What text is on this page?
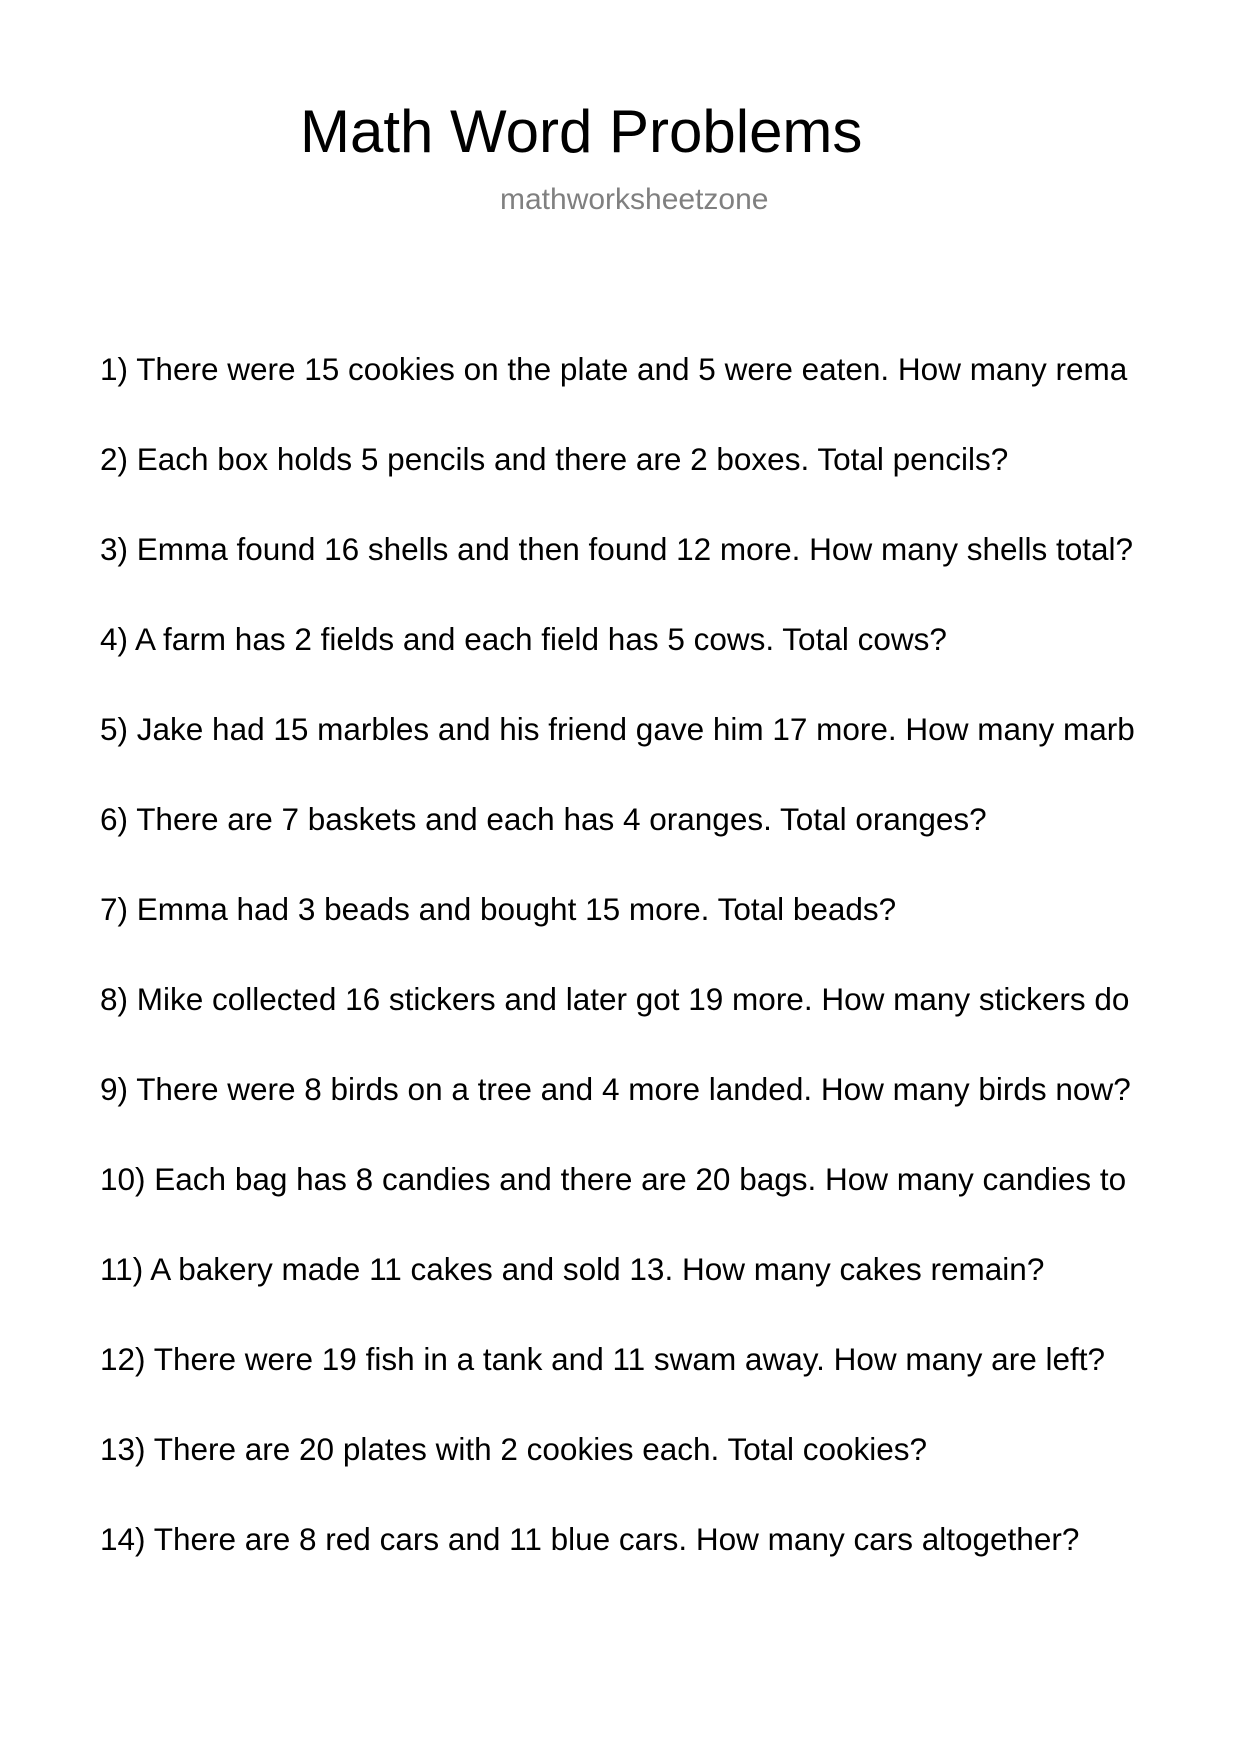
Math Word Problems
mathworksheetzone
1) There were 15 cookies on the plate and 5 were eaten. How many rema
2) Each box holds 5 pencils and there are 2 boxes. Total pencils?
3) Emma found 16 shells and then found 12 more. How many shells total?
4) A farm has 2 fields and each field has 5 cows. Total cows?
5) Jake had 15 marbles and his friend gave him 17 more. How many marb
6) There are 7 baskets and each has 4 oranges. Total oranges?
7) Emma had 3 beads and bought 15 more. Total beads?
8) Mike collected 16 stickers and later got 19 more. How many stickers do
9) There were 8 birds on a tree and 4 more landed. How many birds now?
10) Each bag has 8 candies and there are 20 bags. How many candies to
11) A bakery made 11 cakes and sold 13. How many cakes remain?
12) There were 19 fish in a tank and 11 swam away. How many are left?
13) There are 20 plates with 2 cookies each. Total cookies?
14) There are 8 red cars and 11 blue cars. How many cars altogether?
